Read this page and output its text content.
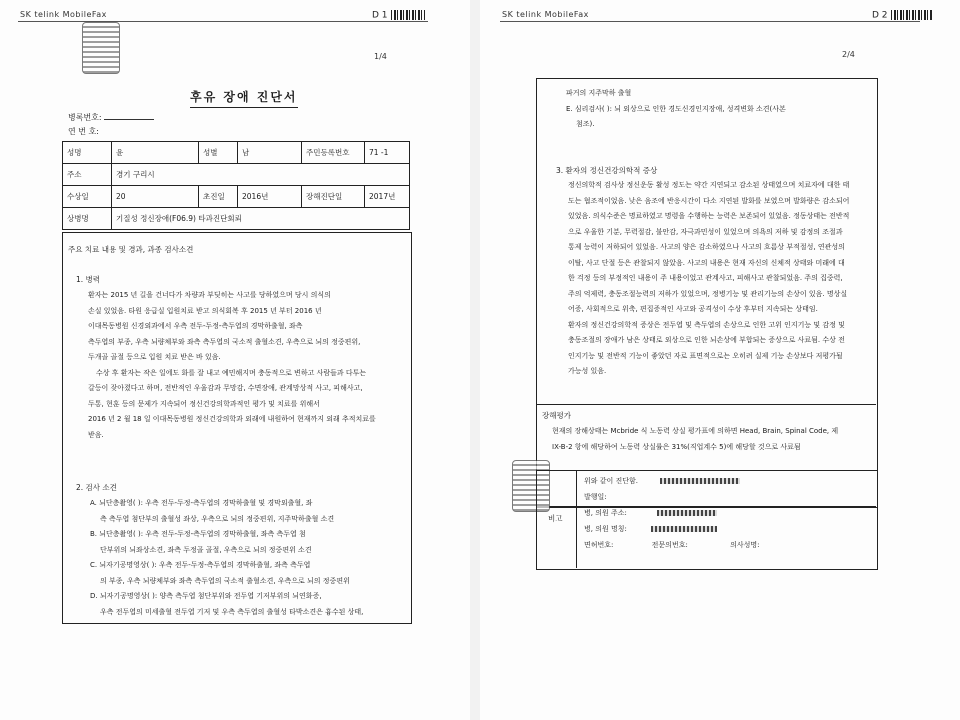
SK telink MobileFax	D 1
1/4
후유 장애 진단서
병록번호:
연 번 호:
성명	윤	성별	남	주민등록번호	71 -1
주소	경기 구리시				
수상일	20	초진일	2016년	장해진단일	2017년
상병명	기질성 정신장애(F06.9) 타과진단회뢰				
주요 치료 내용 및 경과, 과종 검사소견
1. 병력
환자는 2015 년 길을 건너다가 차량과 부딪히는 사고를 당하였으며 당시 의식의
손실 있었음. 타원 응급실 입원치료 받고 의식회복 후 2015 년 부터 2016 년
이대목동병원 신경외과에서 우측 전두-두정-측두엽의 경막하출혈, 좌측
측두엽의 부종, 우측 뇌량체부와 좌측 측두엽의 국소적 출혈소견, 우측으로 뇌의 정중편위,
두개골 골절 등으로 입원 치료 받은 바 있음.
수상 후 환자는 작은 일에도 화를 잘 내고 예민해지며 충동적으로 변하고 사람들과 다투는
갈등이 잦아졌다고 하며, 전반적인 우울감과 무망감, 수면장애, 관계망상적 사고, 피해사고,
두통, 현훈 등의 문제가 지속되어 정신건강의학과적인 평가 및 치료를 위해서
2016 년 2 월 18 일 이대목동병원 정신건강의학과 외래에 내원하여 현재까지 외래 추적치료를
받음.
2. 검사 소견
A. 뇌단층촬영( ): 우측 전두-두정-측두엽의 경막하출혈 및 경막외출혈, 좌
측 측두엽 첨단부의 출혈성 좌상, 우측으로 뇌의 정중편위, 지주막하출혈 소견
B. 뇌단층촬영( ): 우측 전두-두정-측두엽의 경막하출혈, 좌측 측두엽 첨
단부위의 뇌좌상소견, 좌측 두정골 골절, 우측으로 뇌의 정중편위 소견
C. 뇌자기공명영상( ): 우측 전두-두정-측두엽의 경막하출혈, 좌측 측두엽
의 부종, 우측 뇌량체부와 좌측 측두엽의 국소적 출혈소견, 우측으로 뇌의 정중편위
D. 뇌자기공명영상( ): 양측 측두엽 첨단부위와 전두엽 기저부위의 뇌연화증,
우측 전두엽의 미세출혈 전두엽 기저 및 우측 측두엽의 출혈성 타박소견은 흉수된 상태,
SK telink MobileFax	D 2
2/4
파거의 지주막하 출혈
E. 심리검사( ): 뇌 외상으로 인한 경도신경인지장애, 성격변화 소견(사본
첨조).
3. 환자의 정신건강의학적 증상
정신의학적 검사상 정신운동 활성 정도는 약간 지연되고 감소된 상태였으며 치료자에 대한 태
도는 협조적이었음. 낮은 음조에 반응시간이 다소 지연된 발화를 보였으며 발화량은 감소되어
있었음. 의식수준은 명료하였고 명령을 수행하는 능력은 보존되어 있었음. 정동상태는 전반적
으로 우울한 기분, 무력절감, 불안감, 자극과민성이 있었으며 의욕의 저하 및 감정의 조절과
통제 능력이 저하되어 있었음. 사고의 양은 감소하였으나 사고의 흐름상 부적절성, 연관성의
이탈, 사고 단절 등은 관찰되지 않았음. 사고의 내용은 현재 자신의 신체적 상태와 미래에 대
한 걱정 등의 부정적인 내용이 주 내용이었고 관계사고, 피해사고 관찰되었음. 주의 집중력,
주의 억제력, 충동조절능력의 저하가 있었으며, 정병기능 및 관리기능의 손상이 있음. 명상실
어증, 사회적으로 위축, 편집증적인 사고와 공격성이 수상 후부터 지속되는 상태임.
환자의 정신건강의학적 증상은 전두엽 및 측두엽의 손상으로 인한 고위 인지기능 및 감정 및
충동조절의 장애가 남은 상태로 외상으로 인한 뇌손상에 부합되는 증상으로 사료됨. 수상 전
인지기능 및 전반적 기능이 좋았던 자로 표면적으로는 오히려 실제 기능 손상보다 저평가될
가능성 있음.
장해평가
현재의 장해상태는 Mcbride 식 노동력 상실 평가표에 의하면 Head, Brain, Spinal Code, 제
IX-B-2 항에 해당하여 노동력 상실률은 31%(직업계수 5)에 해당할 것으로 사료됨
비고
위와 같이 진단함.
발행일:
병, 의원 주소:
병, 의원 명칭:
면허번호:	전문의번호:	의사성명:
